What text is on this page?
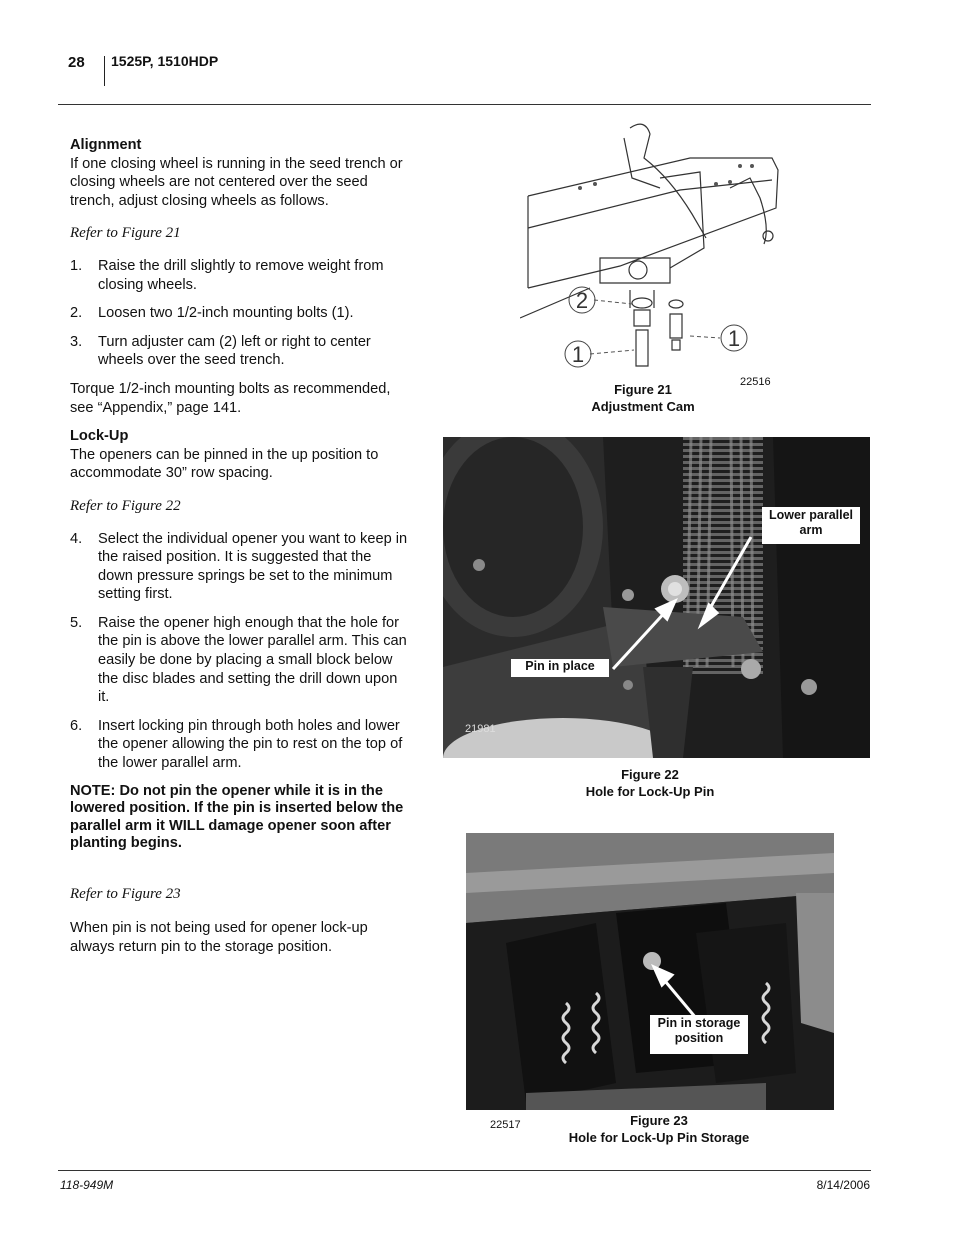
28 1525P, 1510HDP

Alignment

If one closing wheel is running in the seed trench or closing wheels are not centered over the seed trench, adjust closing wheels as follows.

Refer to Figure 21

1. Raise the drill slightly to remove weight from closing wheels.
2. Loosen two 1/2-inch mounting bolts (1).
3. Turn adjuster cam (2) left or right to center wheels over the seed trench.

Torque 1/2-inch mounting bolts as recommended, see “Appendix,” page 141.

Lock-Up

The openers can be pinned in the up position to accommodate 30” row spacing.

Refer to Figure 22

4. Select the individual opener you want to keep in the raised position. It is suggested that the down pressure springs be set to the minimum setting first.
5. Raise the opener high enough that the hole for the pin is above the lower parallel arm. This can easily be done by placing a small block below the disc blades and setting the drill down upon it.
6. Insert locking pin through both holes and lower the opener allowing the pin to rest on the top of the lower parallel arm.

NOTE: Do not pin the opener while it is in the lowered position. If the pin is inserted below the parallel arm it WILL damage opener soon after planting begins.

Refer to Figure 23

When pin is not being used for opener lock-up always return pin to the storage position.

2
1
1
22516
Figure 21
Adjustment Cam
Lower parallel
arm
Pin in place
21981
Figure 22
Hole for Lock-Up Pin
Pin in storage
position
22517	Figure 23
Hole for Lock-Up Pin Storage
118-949M	8/14/2006
